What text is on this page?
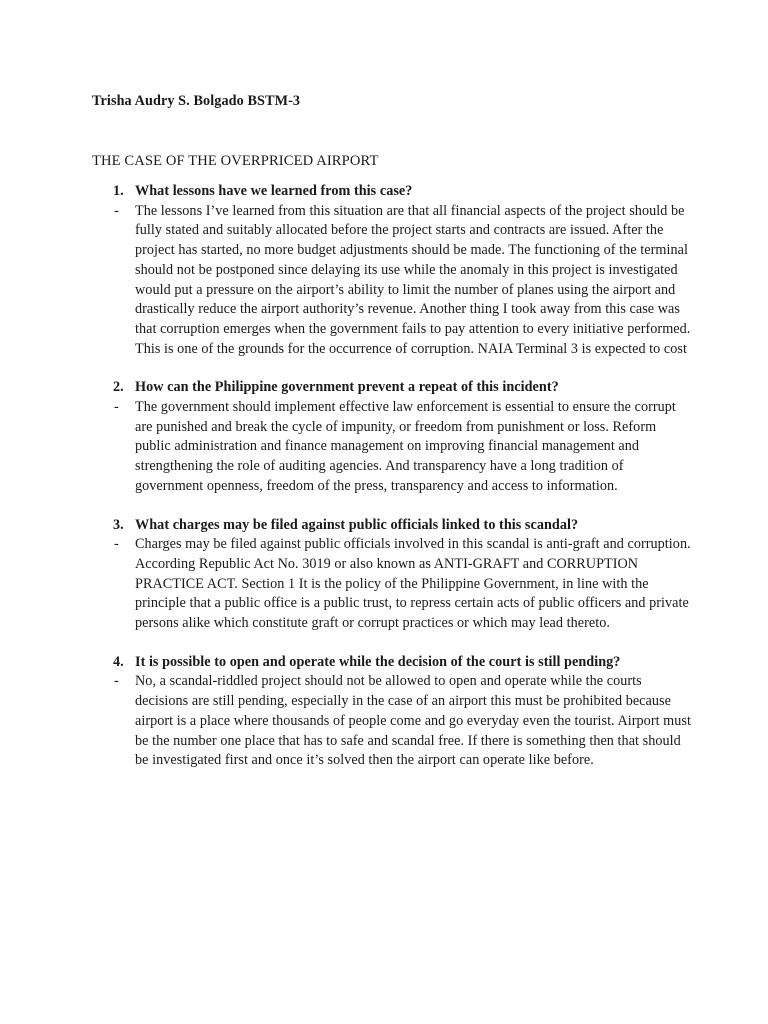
Trisha Audry S. Bolgado BSTM-3
THE CASE OF THE OVERPRICED AIRPORT
1. What lessons have we learned from this case?
-	The lessons I’ve learned from this situation are that all financial aspects of the project should be fully stated and suitably allocated before the project starts and contracts are issued. After the project has started, no more budget adjustments should be made. The functioning of the terminal should not be postponed since delaying its use while the anomaly in this project is investigated would put a pressure on the airport’s ability to limit the number of planes using the airport and drastically reduce the airport authority’s revenue. Another thing I took away from this case was that corruption emerges when the government fails to pay attention to every initiative performed. This is one of the grounds for the occurrence of corruption. NAIA Terminal 3 is expected to cost
2. How can the Philippine government prevent a repeat of this incident?
-	The government should implement effective law enforcement is essential to ensure the corrupt are punished and break the cycle of impunity, or freedom from punishment or loss. Reform public administration and finance management on improving financial management and strengthening the role of auditing agencies. And transparency have a long tradition of government openness, freedom of the press, transparency and access to information.
3. What charges may be filed against public officials linked to this scandal?
-	Charges may be filed against public officials involved in this scandal is anti-graft and corruption.
According Republic Act No. 3019 or also known as ANTI-GRAFT and CORRUPTION PRACTICE ACT. Section 1 It is the policy of the Philippine Government, in line with the principle that a public office is a public trust, to repress certain acts of public officers and private persons alike which constitute graft or corrupt practices or which may lead thereto.
4. It is possible to open and operate while the decision of the court is still pending?
-	No, a scandal-riddled project should not be allowed to open and operate while the courts decisions are still pending, especially in the case of an airport this must be prohibited because airport is a place where thousands of people come and go everyday even the tourist. Airport must be the number one place that has to safe and scandal free. If there is something then that should be investigated first and once it’s solved then the airport can operate like before.
